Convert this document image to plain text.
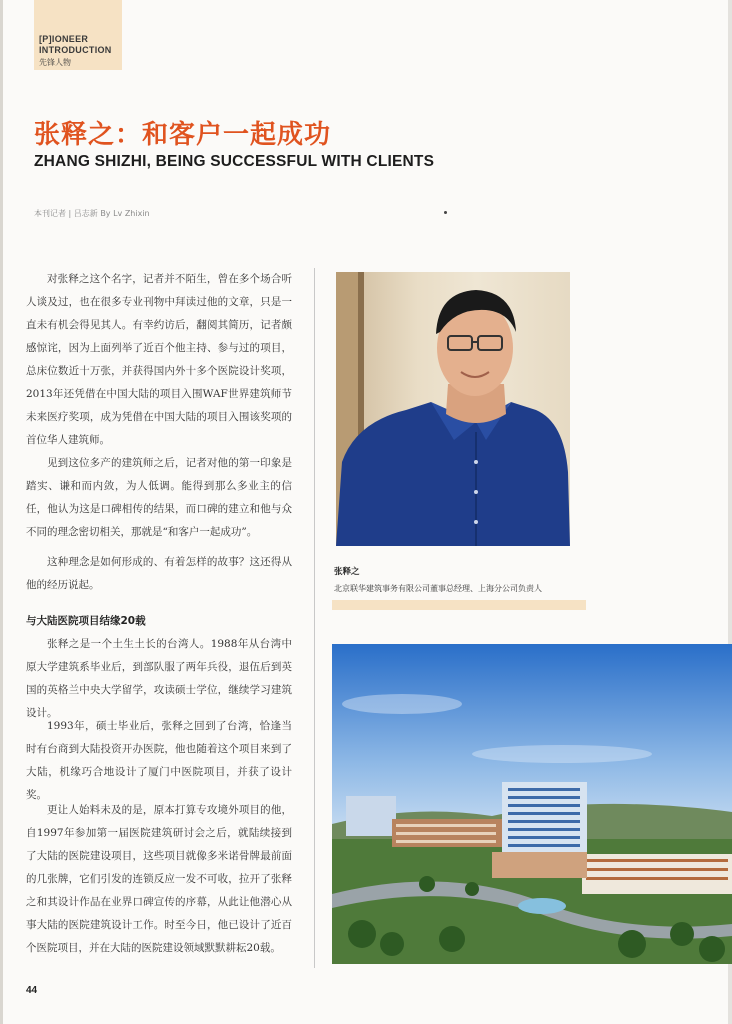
[P]IONEER
INTRODUCTION
先锋人物
张释之：和客户一起成功
ZHANG SHIZHI, BEING SUCCESSFUL WITH CLIENTS
本刊记者 | 吕志新 By Lv Zhixin

对张释之这个名字，记者并不陌生，曾在多个场合听人谈及过，也在很多专业刊物中拜读过他的文章，只是一直未有机会得见其人。有幸约访后，翻阅其简历，记者颇感惊诧，因为上面列举了近百个他主持、参与过的项目，总床位数近十万张，并获得国内外十多个医院设计奖项，2013年还凭借在中国大陆的项目入围WAF世界建筑师节未来医疗奖项，成为凭借在中国大陆的项目入围该奖项的首位华人建筑师。

见到这位多产的建筑师之后，记者对他的第一印象是踏实、谦和而内敛，为人低调。能得到那么多业主的信任，他认为这是口碑相传的结果，而口碑的建立和他与众不同的理念密切相关，那就是“和客户一起成功”。

这种理念是如何形成的、有着怎样的故事？这还得从他的经历说起。

与大陆医院项目结缘20载

张释之是一个土生土长的台湾人。1988年从台湾中原大学建筑系毕业后，到部队服了两年兵役，退伍后到英国的英格兰中央大学留学，攻读硕士学位，继续学习建筑设计。

1993年，硕士毕业后，张释之回到了台湾，恰逢当时有台商到大陆投资开办医院，他也随着这个项目来到了大陆，机缘巧合地设计了厦门中医院项目，并获了设计奖。

更让人始料未及的是，原本打算专攻境外项目的他，自1997年参加第一届医院建筑研讨会之后，就陆续接到了大陆的医院建设项目，这些项目就像多米诺骨牌最前面的几张牌，它们引发的连锁反应一发不可收，拉开了张释之和其设计作品在业界口碑宣传的序幕，从此让他潜心从事大陆的医院建筑设计工作。时至今日，他已设计了近百个医院项目，并在大陆的医院建设领域默默耕耘20载。

张释之
北京联华建筑事务有限公司董事总经理、上海分公司负责人
44
